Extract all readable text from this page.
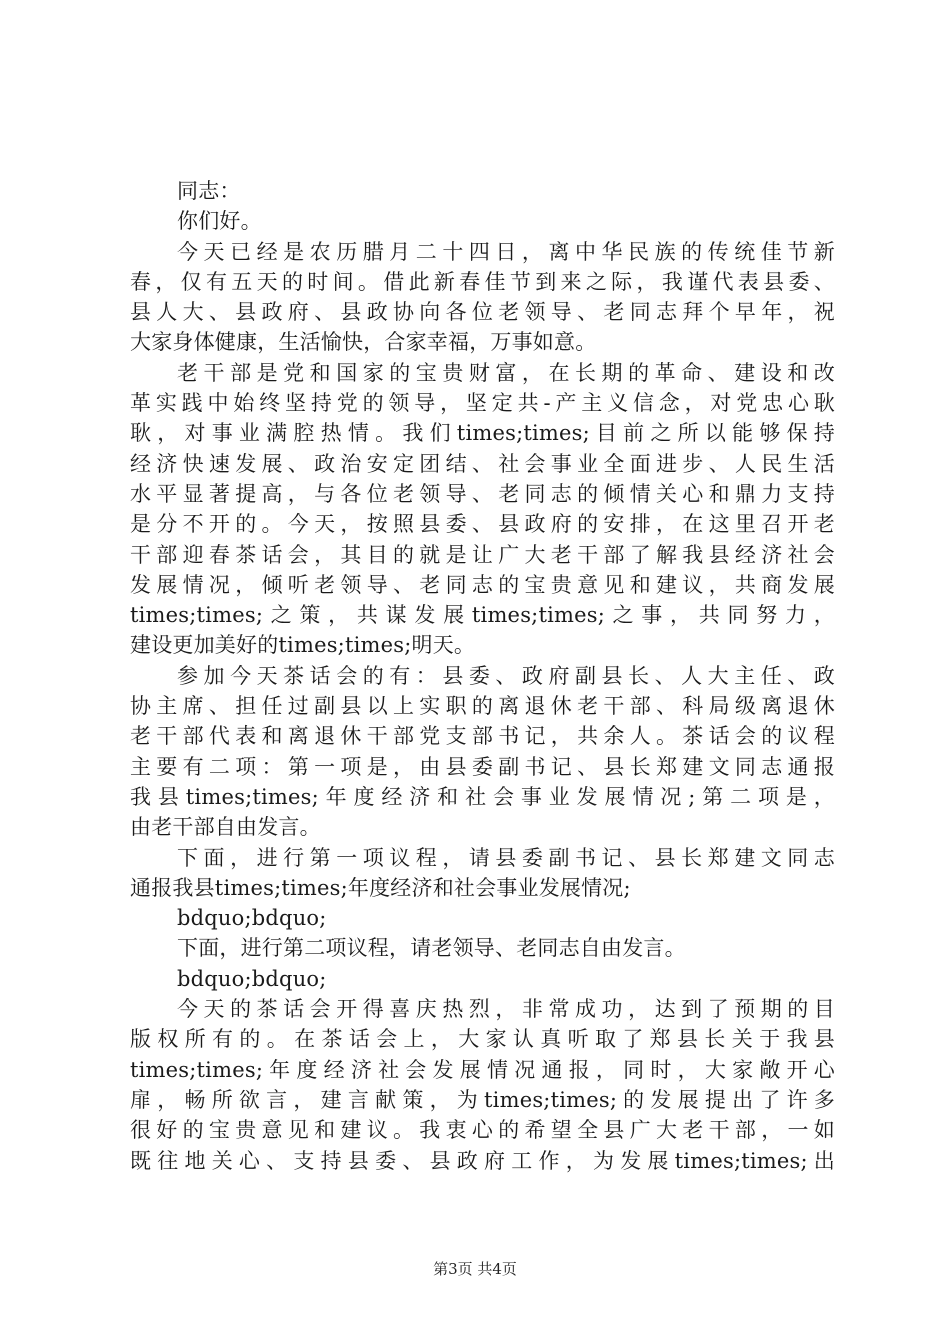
同志：
你们好。
今天已经是农历腊月二十四日，离中华民族的传统佳节新
春，仅有五天的时间。借此新春佳节到来之际，我谨代表县委、
县人大、县政府、县政协向各位老领导、老同志拜个早年，祝
大家身体健康，生活愉快，合家幸福，万事如意。
老干部是党和国家的宝贵财富，在长期的革命、建设和改
革实践中始终坚持党的领导，坚定共-产主义信念，对党忠心耿
耿，对事业满腔热情。我们times;times;目前之所以能够保持
经济快速发展、政治安定团结、社会事业全面进步、人民生活
水平显著提高，与各位老领导、老同志的倾情关心和鼎力支持
是分不开的。今天，按照县委、县政府的安排，在这里召开老
干部迎春茶话会，其目的就是让广大老干部了解我县经济社会
发展情况，倾听老领导、老同志的宝贵意见和建议，共商发展
times;times;之策，共谋发展times;times;之事，共同努力，
建设更加美好的times;times;明天。
参加今天茶话会的有：县委、政府副县长、人大主任、政
协主席、担任过副县以上实职的离退休老干部、科局级离退休
老干部代表和离退休干部党支部书记，共余人。茶话会的议程
主要有二项：第一项是，由县委副书记、县长郑建文同志通报
我县times;times;年度经济和社会事业发展情况;第二项是，
由老干部自由发言。
下面，进行第一项议程，请县委副书记、县长郑建文同志
通报我县times;times;年度经济和社会事业发展情况;
bdquo;bdquo;
下面，进行第二项议程，请老领导、老同志自由发言。
bdquo;bdquo;
今天的茶话会开得喜庆热烈，非常成功，达到了预期的目
版权所有的。在茶话会上，大家认真听取了郑县长关于我县
times;times;年度经济社会发展情况通报，同时，大家敞开心
扉，畅所欲言，建言献策，为times;times;的发展提出了许多
很好的宝贵意见和建议。我衷心的希望全县广大老干部，一如
既往地关心、支持县委、县政府工作，为发展times;times;出
第3页 共4页
